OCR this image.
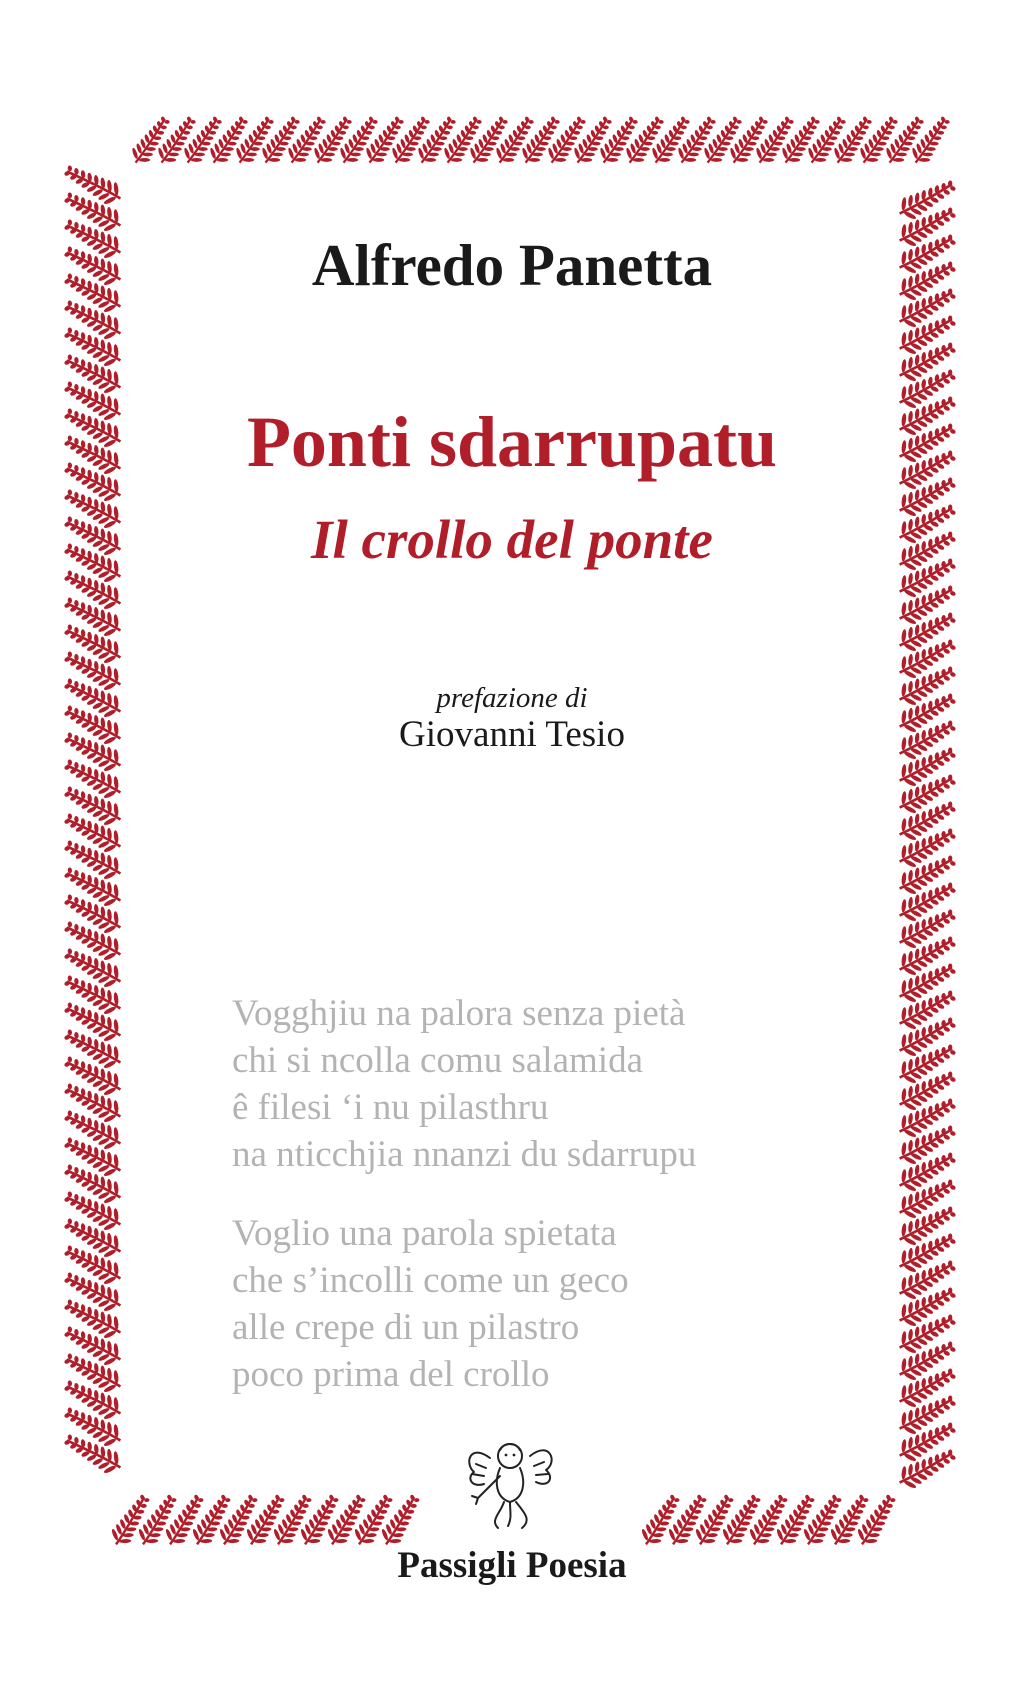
Alfredo Panetta
Ponti sdarrupatu
Il crollo del ponte

prefazione di

Giovanni Tesio

Vogghjiu na palora senza pietà
chi si ncolla comu salamida
ê filesi ‘i nu pilasthru
na nticchjia nnanzi du sdarrupu
Voglio una parola spietata
che s’incolli come un geco
alle crepe di un pilastro
poco prima del crollo

Passigli Poesia
